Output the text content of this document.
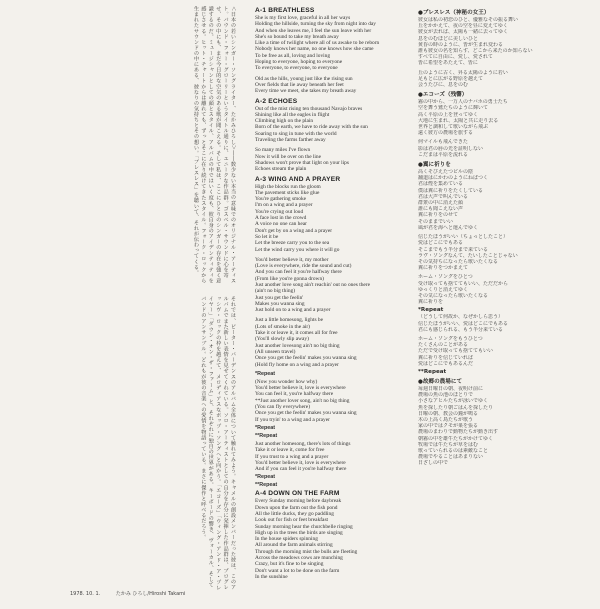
＜日本の若いシンガー・ソングライター、たかみひろし＞――数少ない本当の意味でのオリジナル・アーティスト。バウンド・フォー・グローリーというタイトル通りに、ユニークな作品群。ゴスペル・サウンドに心を寄せ、その中にも、まだ今日的な空気のある歌が聞こえる。そして私は、ここにひとりのシンガーの存在を強く意識するのだ。ミュージシャンとしての顔とスタイル、アルバムの中ではいく度も、彼自身のアイデンティティを感じさせる。ヒット・チャートからは離れても、ずっとそこに在り続けてきたスタイル。フォーク・ロックから生まれたサウンドの中にある、彼なりの気持ちとその想い。「ブレスレス」を聴いて、それが伝わってくる。
それでは、ピーター・バーデンスのアルバム全体について触れてみよう。キャメルの創設メンバーだった彼は、このアルバムでまた新しい表情を見せてくれている。ソロ・アーティストとしての自分を存分に発揮した作品群は、プログレッシヴ・ロックの枠を越えて、メロディアスなポップ・ソングへと向かう。「エコーズ」「ウィング・アンド・ア・プレイヤー」「ダウン・オン・ザ・ファーム」と、それぞれに独自の世界がある。キーボードの響き、ヴォーカル、そしてバンドのアンサンブル。どれもが彼の音楽への愛情を物語っている。まさに傑作と呼べるだろう。
1978. 10. 1.	たかみ ひろし/Hiroshi Takami
A-1 BREATHLESS
She is my first love, graceful in all her ways
Holding the hillside, turning the sky from night into day
And when she leaves me, I feel the sun leave with her
She's so bound to take my breath away
Like a time of twilight where all of us awake to be reborn
Nobody knows her name, no one knows how she came
To be free as all, loving and loving
Hoping to everyone, hoping to everyone
To everyone, to everyone, to everyone
Old as the hills, young just like the rising sun
Over fields that lie away beneath her feet
Every time we meet, she takes my breath away
A-2 ECHOES
Out of the mist rising ten thousand Navajo braves
Shining like all the eagles in flight
Climbing high on the plain
Born of the earth, we have to ride away with the sun
Soaring to sing in tune with the world
Traveling the farms farther away
So many miles I've flown
Now it will be over on the line
Shadows won't prove that light on your lips
Echoes stream the plain
A-3 WING AND A PRAYER
High the blocks run the gloom
The pavement sticks like glue
You're gathering smoke
I'm on a wing and a prayer
You're crying out loud
A face lost in the crowd
A voice no one can hear
Don't get by on a wing and a prayer
So let it be
Let the breeze carry you to the sea
Let the wind carry you where it will go
You'd better believe it, my mother
(Love is everywhere, ride the sound and cut)
And you can feel it you're halfway there
(From like you're gonna drown)
Just another love song ain't reachin' out no ones there
(ain't no big thing)
Just you get the feelin'
Makes you wanna sing
Just hold on to a wing and a prayer
Just a little homesong, lights be
(Lots of smoke in the air)
Take it or leave it, it comes all for free
(You'll slowly slip away)
Just another lovesong ain't no big thing
(All unseen travel)
Once you get the feelin' makes you wanna sing
(Hold fly home on a wing and a prayer
*Repeat
(Now you wonder how why)
You'd better believe it, love is everywhere
You can feel it, you're halfway there
**Just another lover song, ain't no big thing
(You can fly everywhere)
Once you get the feelin' makes you wanna sing
If you tryin' to a wing and a prayer
*Repeat
**Repeat
Just another homesong, there's lots of things
Take it or leave it, come for free
If you trust to a wing and a prayer
You'd better believe it, love is everywhere
And if you can feel it you're halfway there
*Repeat
**Repeat
A-4 DOWN ON THE FARM
Every Sunday morning before daybreak
Down upon the farm out the fish pond
All the little ducks, they go paddling
Look out for fish or feet breakfast
Sunday morning hear the churchbelle ringing
High up in the trees the birds are singing
In the house spiders spinning
All around the farm animals stirring
Through the morning mist the bulls are fleeting
Across the meadows cows are munching
Crazy, but it's fine to be singing
Don't want a lot to be done on the farm
In the sunshine
●ブレスレス（神秘の女王）
彼女は私の初恋のひと、優雅なその振る舞い
丘をかかえて、夜の空を昼に変えてゆく
彼女が去れば、太陽も一緒に去ってゆく
息をのむほどに美しいひと
黄昏の時のように、皆が生まれ変わる
誰も彼女の名を知らず、どこから来たのか知らない
すべてに自由に、愛し、愛されて
皆に希望をあたえて、皆に
丘のように古く、昇る太陽のように若い
足もとに広がる野原を越えて
会うたびに、息をのむ
●エコーズ（残響）
霧の中から、一万人のナバホの勇士たち
空を舞う鷲たちのように輝いて
高く平原の上を登ってゆく
大地に生まれ、太陽と共に走り去る
世界と調和して歌いながら飛ぶ
遠く彼方の農場を旅する
何マイルも飛んできた
影は君の唇の光を証明しない
こだまは平原を流れる
●翼に祈りを
高くそびえたつビルの陰
舗道はにかわのようにねばつく
君は煙を集めている
僕は翼に祈りをたくしている
君は大声で叫んでいる
群衆の中に消えた顔
誰にも聞こえない声
翼に祈りをのせて
そのままでいい
風が君を海へと運んでゆく
信じたほうがいい（ちょっとしたこと）
愛はどこにでもある
そこまでもう半分まで来ている
ラヴ・ソングなんて、たいしたことじゃない
その気持ちになったら歌いたくなる
翼に祈りをつかまえて
ホーム・ソングをひとつ
受け取っても捨ててもいい、ただだから
ゆっくりと消えてゆく
その気になったら歌いたくなる
翼に祈りを
*Repeat
（どうして何故か、なぜかしら思う）
信じたほうがいい、愛はどこにでもある
君にも感じられる、もう半分来ている
ホーム・ソングをもうひとつ
たくさんのことがある
ただで受け取っても捨ててもいい
翼に祈りを信じていれば
愛はどこにでもあるんだ
**Repeat
●故郷の農場にて
毎週日曜日の朝、夜明け前に
農場の魚の池のほとりで
小さなアヒルたちが泳いでゆく
魚を探したり朝ごはんを探したり
日曜の朝、教会の鐘が鳴る
木の上高く鳥たちが歌う
家の中ではクモが巣を張る
農場のまわりで動物たちが動き出す
朝霧の中を雄牛たちがかけてゆく
牧場では牛たちが草をはむ
歌っていられるのは素敵なこと
農場でやることはあまりない
日ざしの中で
